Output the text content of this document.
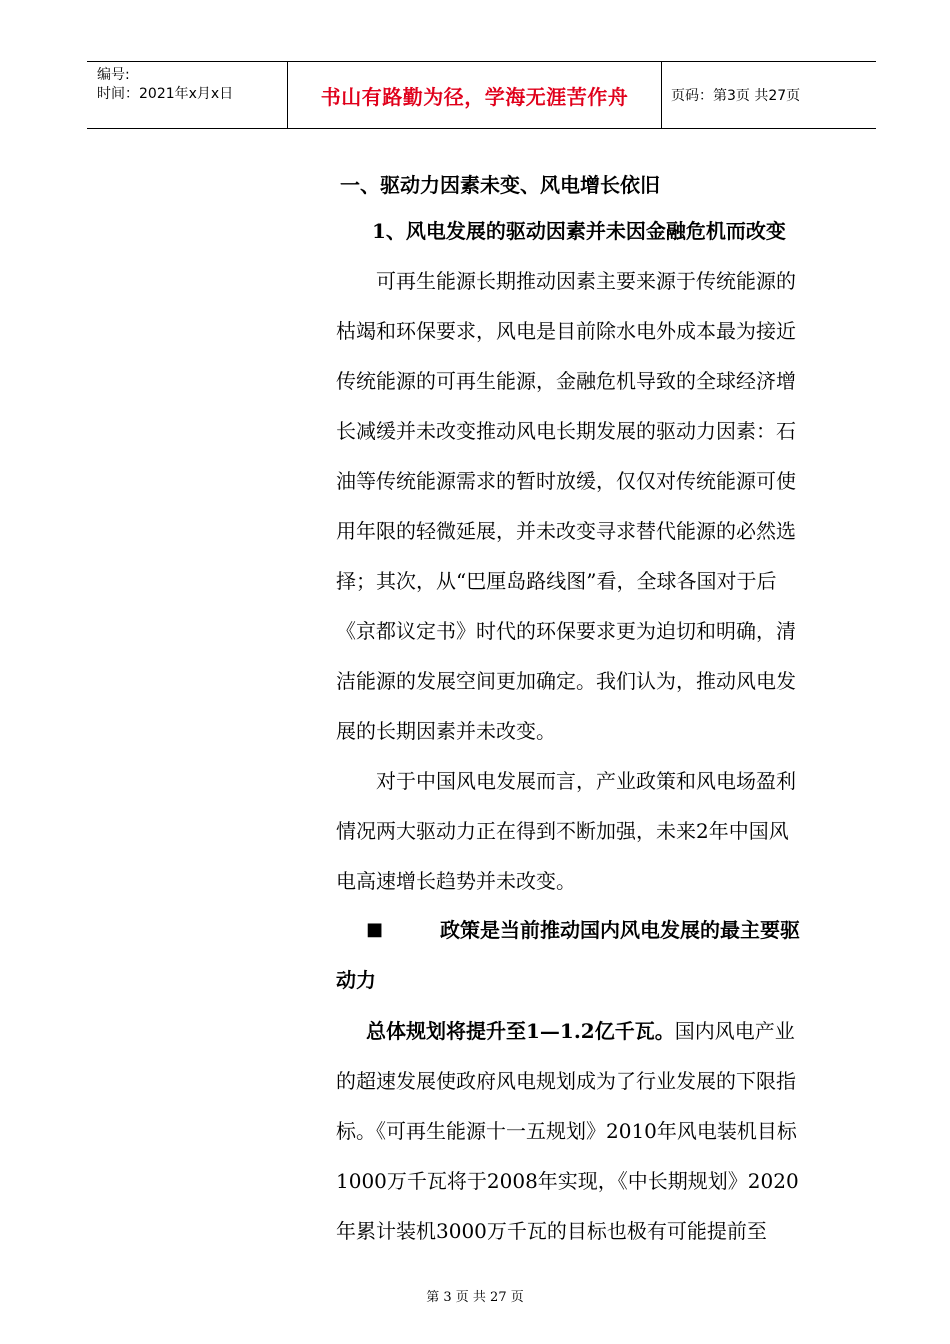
编号:
时间：2021年x月x日	书山有路勤为径，学海无涯苦作舟	页码：第3页 共27页
一、驱动力因素未变、风电增长依旧
1、风电发展的驱动因素并未因金融危机而改变
可再生能源长期推动因素主要来源于传统能源的
枯竭和环保要求，风电是目前除水电外成本最为接近
传统能源的可再生能源，金融危机导致的全球经济增
长减缓并未改变推动风电长期发展的驱动力因素：石
油等传统能源需求的暂时放缓，仅仅对传统能源可使
用年限的轻微延展，并未改变寻求替代能源的必然选
择；其次，从“巴厘岛路线图”看，全球各国对于后
《京都议定书》时代的环保要求更为迫切和明确，清
洁能源的发展空间更加确定。我们认为，推动风电发
展的长期因素并未改变。
对于中国风电发展而言，产业政策和风电场盈利
情况两大驱动力正在得到不断加强，未来2年中国风
电高速增长趋势并未改变。
■	政策是当前推动国内风电发展的最主要驱
动力
总体规划将提升至1—1.2亿千瓦。国内风电产业
的超速发展使政府风电规划成为了行业发展的下限指
标。《可再生能源十一五规划》2010年风电装机目标
1000万千瓦将于2008年实现，《中长期规划》2020
年累计装机3000万千瓦的目标也极有可能提前至
第 3 页 共 27 页
